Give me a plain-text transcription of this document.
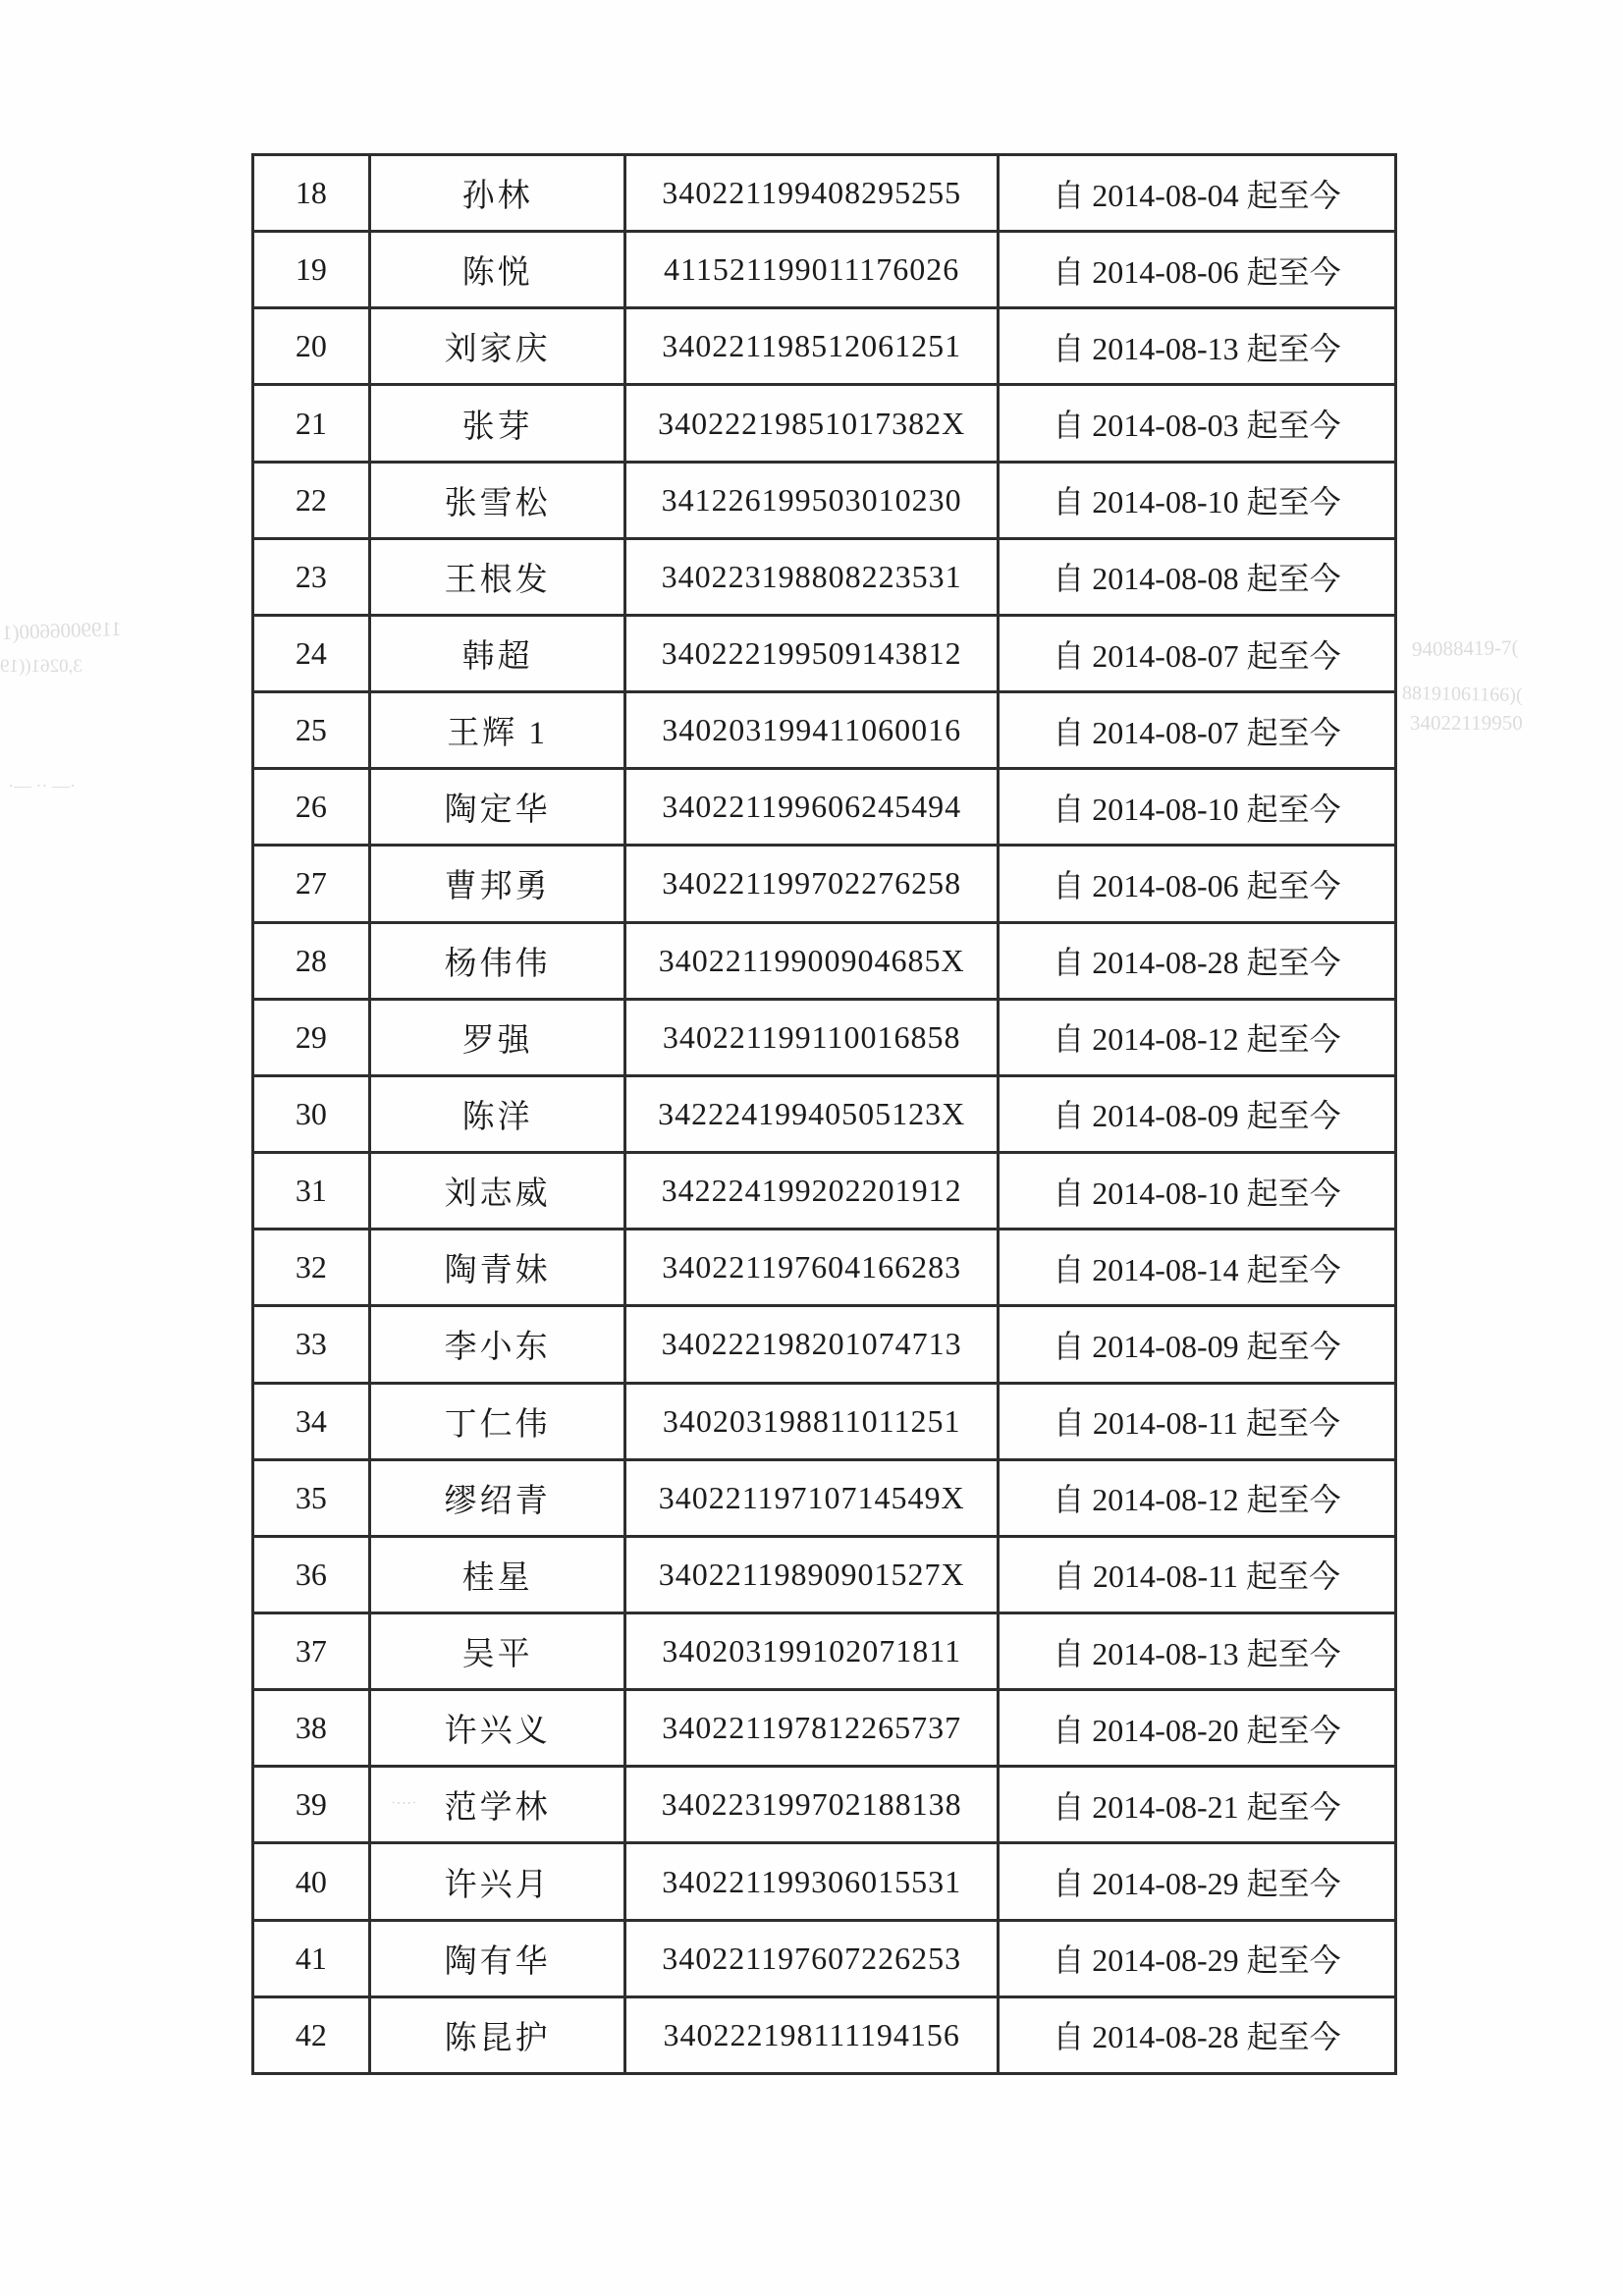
18	孙林	340221199408295255	自 2014-08-04 起至今
19	陈悦	411521199011176026	自 2014-08-06 起至今
20	刘家庆	340221198512061251	自 2014-08-13 起至今
21	张芽	34022219851017382X	自 2014-08-03 起至今
22	张雪松	341226199503010230	自 2014-08-10 起至今
23	王根发	340223198808223531	自 2014-08-08 起至今
24	韩超	340222199509143812	自 2014-08-07 起至今
25	王辉 1	340203199411060016	自 2014-08-07 起至今
26	陶定华	340221199606245494	自 2014-08-10 起至今
27	曹邦勇	340221199702276258	自 2014-08-06 起至今
28	杨伟伟	34022119900904685X	自 2014-08-28 起至今
29	罗强	340221199110016858	自 2014-08-12 起至今
30	陈洋	34222419940505123X	自 2014-08-09 起至今
31	刘志威	342224199202201912	自 2014-08-10 起至今
32	陶青妹	340221197604166283	自 2014-08-14 起至今
33	李小东	340222198201074713	自 2014-08-09 起至今
34	丁仁伟	340203198811011251	自 2014-08-11 起至今
35	缪绍青	34022119710714549X	自 2014-08-12 起至今
36	桂星	34022119890901527X	自 2014-08-11 起至今
37	吴平	340203199102071811	自 2014-08-13 起至今
38	许兴义	340221197812265737	自 2014-08-20 起至今
39	范学林	340223199702188138	自 2014-08-21 起至今
40	许兴月	340221199306015531	自 2014-08-29 起至今
41	陶有华	340221197607226253	自 2014-08-29 起至今
42	陈昆护	340222198111194156	自 2014-08-28 起至今
1199006600(1
3,0261((19
·— ·· —·
94088419-7(
88191061166)(
34022119950
·⋯·
